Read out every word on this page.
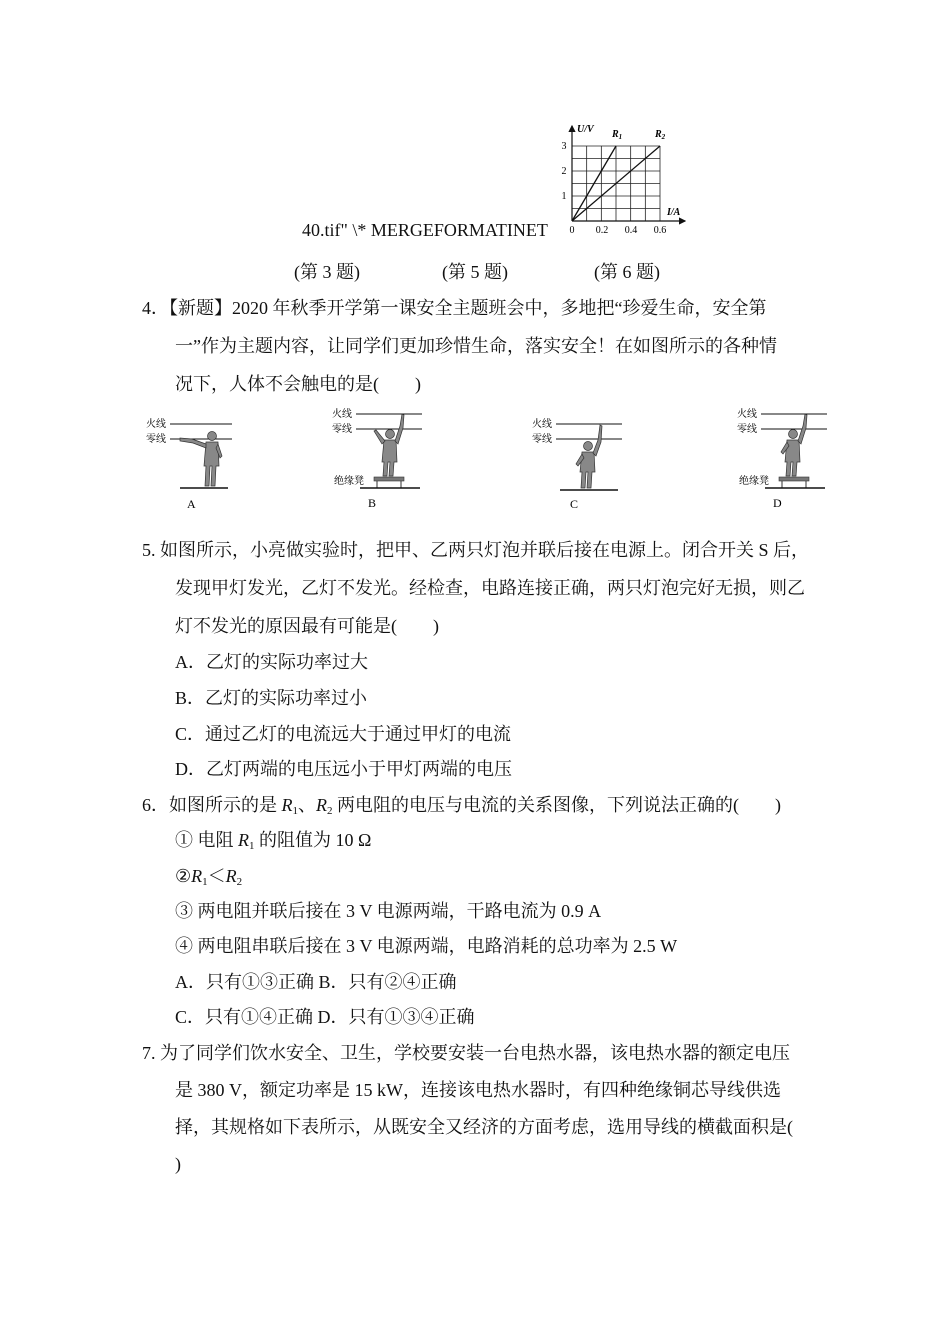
U/V
I/A
3
2
1
0 0.2 0.4 0.6
$R_1$	$R_2$
40.tif" \* MERGEFORMATINET
(第 3 题)	(第 5 题)	(第 6 题)
4．【新题】2020 年秋季开学第一课安全主题班会中，多地把“珍爱生命，安全第
一”作为主题内容，让同学们更加珍惜生命，落实安全！在如图所示的各种情
况下，人体不会触电的是(　　)
火线
零线
A
火线
零线
绝缘凳
B
火线
零线
C
火线
零线
绝缘凳
D
5. 如图所示，小亮做实验时，把甲、乙两只灯泡并联后接在电源上。闭合开关 S 后，
发现甲灯发光，乙灯不发光。经检查，电路连接正确，两只灯泡完好无损，则乙
灯不发光的原因最有可能是(　　)
A．乙灯的实际功率过大
B．乙灯的实际功率过小
C．通过乙灯的电流远大于通过甲灯的电流
D．乙灯两端的电压远小于甲灯两端的电压
6．如图所示的是 $R_1$、$R_2$ 两电阻的电压与电流的关系图像，下列说法正确的(　　)
① 电阻 $R_1$ 的阻值为 10 Ω
$②R_1<R_2$
③ 两电阻并联后接在 3 V 电源两端，干路电流为 0.9 A
④ 两电阻串联后接在 3 V 电源两端，电路消耗的总功率为 2.5 W
A．只有①③正确 B．只有②④正确
C．只有①④正确 D．只有①③④正确
7. 为了同学们饮水安全、卫生，学校要安装一台电热水器，该电热水器的额定电压
是 380 V，额定功率是 15 kW，连接该电热水器时，有四种绝缘铜芯导线供选
择，其规格如下表所示，从既安全又经济的方面考虑，选用导线的横截面积是(
)
